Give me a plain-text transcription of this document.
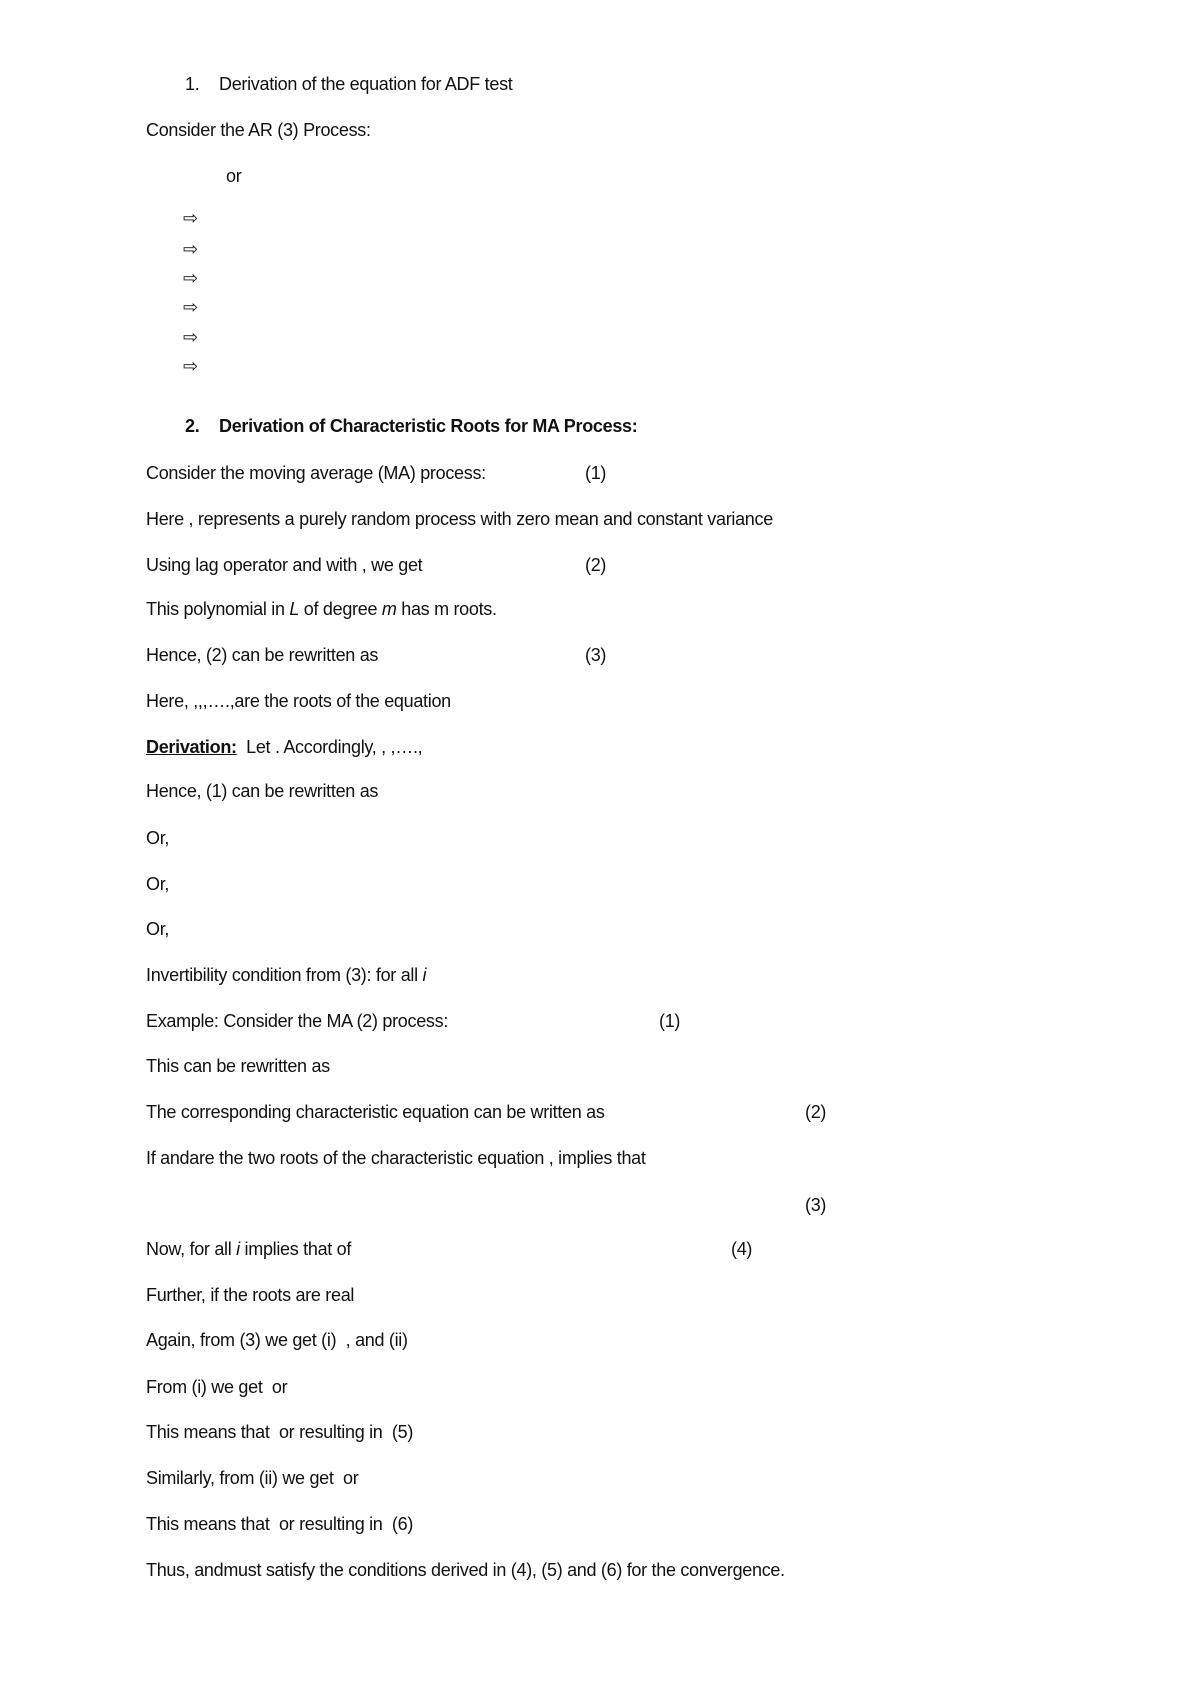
1. Derivation of the equation for ADF test
Consider the AR (3) Process:
or
⇨
⇨
⇨
⇨
⇨
⇨
2. Derivation of Characteristic Roots for MA Process:
Consider the moving average (MA) process:	(1)
Here , represents a purely random process with zero mean and constant variance
Using lag operator and with , we get	(2)
This polynomial in L of degree m has m roots.
Hence, (2) can be rewritten as	(3)
Here, ,,,….,are the roots of the equation
Derivation:  Let . Accordingly, , ,….,
Hence, (1) can be rewritten as
Or,
Or,
Or,
Invertibility condition from (3): for all i
Example: Consider the MA (2) process:	(1)
This can be rewritten as
The corresponding characteristic equation can be written as	(2)
If andare the two roots of the characteristic equation , implies that
(3)
Now, for all i implies that of	(4)
Further, if the roots are real
Again, from (3) we get (i)  , and (ii)
From (i) we get  or
This means that  or resulting in  (5)
Similarly, from (ii) we get  or
This means that  or resulting in  (6)
Thus, andmust satisfy the conditions derived in (4), (5) and (6) for the convergence.
